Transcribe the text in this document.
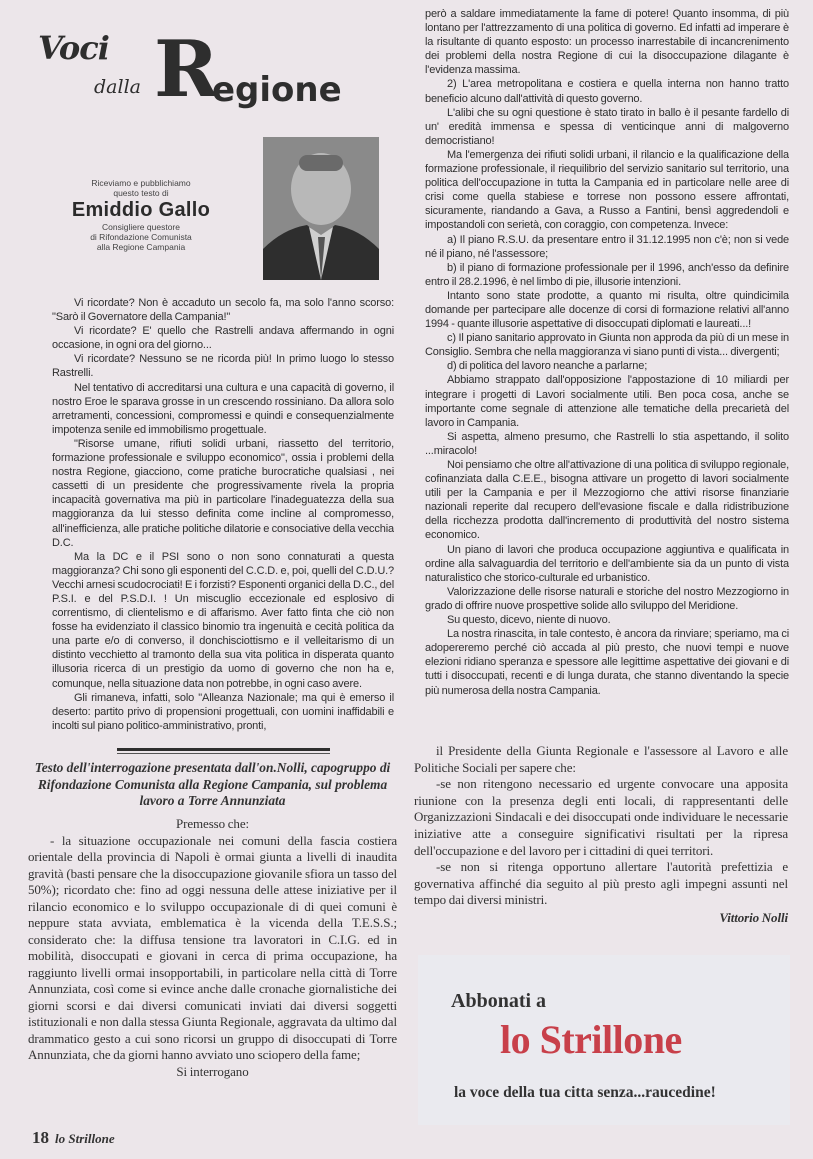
Voci
dalla R
egione
Riceviamo e pubblichiamo
questo testo di
Emiddio Gallo
Consigliere questore
di Rifondazione Comunista
alla Regione Campania

Vi ricordate? Non è accaduto un secolo fa, ma solo l'anno scorso: "Sarò il Governatore della Campania!"

Vi ricordate? E' quello che Rastrelli andava affermando in ogni occasione, in ogni ora del giorno...

Vi ricordate? Nessuno se ne ricorda più! In primo luogo lo stesso Rastrelli.

Nel tentativo di accreditarsi una cultura e una capacità di governo, il nostro Eroe le sparava grosse in un crescendo rossiniano. Da allora solo arretramenti, concessioni, compromessi e quindi e consequenzialmente impotenza senile ed immobilismo progettuale.

"Risorse umane, rifiuti solidi urbani, riassetto del territorio, formazione professionale e sviluppo economico", ossia i problemi della nostra Regione, giacciono, come pratiche burocratiche qualsiasi , nei cassetti di un presidente che progressivamente rivela la propria incapacità governativa ma più in particolare l'inadeguatezza della sua maggioranza da lui stesso definita come incline al compromesso, all'inefficienza, alle pratiche politiche dilatorie e consociative della vecchia D.C.

Ma la DC e il PSI sono o non sono connaturati a questa maggioranza? Chi sono gli esponenti del C.C.D. e, poi, quelli del C.D.U.? Vecchi arnesi scudocrociati! E i forzisti? Esponenti organici della D.C., del P.S.I. e del P.S.D.I. ! Un miscuglio eccezionale ed esplosivo di correntismo, di clientelismo e di affarismo. Aver fatto finta che ciò non fosse ha evidenziato il classico binomio tra ingenuità e cecità politica da una parte e/o di converso, il donchisciottismo e il velleitarismo di un distinto vecchietto al tramonto della sua vita politica in disperata quanto illusoria ricerca di un prestigio da uomo di governo che non ha e, comunque, nella situazione data non potrebbe, in ogni caso avere.

Gli rimaneva, infatti, solo "Alleanza Nazionale; ma qui è emerso il deserto: partito privo di propensioni progettuali, con uomini inaffidabili e incolti sul piano politico-amministrativo, pronti,

però a saldare immediatamente la fame di potere! Quanto insomma, di più lontano per l'attrezzamento di una politica di governo. Ed infatti ad imperare è la risultante di quanto esposto: un processo inarrestabile di incancrenimento dei problemi della nostra Regione di cui la disoccupazione dilagante è l'evidenza massima.

2) L'area metropolitana e costiera e quella interna non hanno tratto beneficio alcuno dall'attività di questo governo.

L'alibi che su ogni questione è stato tirato in ballo è il pesante fardello di un' eredità immensa e spessa di venticinque anni di malgoverno democristiano!

Ma l'emergenza dei rifiuti solidi urbani, il rilancio e la qualificazione della formazione professionale, il riequilibrio del servizio sanitario sul territorio, una politica dell'occupazione in tutta la Campania ed in particolare nelle aree di crisi come quella stabiese e torrese non possono essere affrontati, sicuramente, riandando a Gava, a Russo a Fantini, bensì aggredendoli e impostandoli con serietà, con coraggio, con competenza. Invece:

a) Il piano R.S.U. da presentare entro il 31.12.1995 non c'è; non si vede né il piano, né l'assessore;

b) il piano di formazione professionale per il 1996, anch'esso da definire entro il 28.2.1996, è nel limbo di pie, illusorie intenzioni.

Intanto sono state prodotte, a quanto mi risulta, oltre quindicimila domande per partecipare alle docenze di corsi di formazione relativi all'anno 1994 - quante illusorie aspettative di disoccupati diplomati e laureati...!

c) Il piano sanitario approvato in Giunta non approda da più di un mese in Consiglio. Sembra che nella maggioranza vi siano punti di vista... divergenti;

d) di politica del lavoro neanche a parlarne;

Abbiamo strappato dall'opposizione l'appostazione di 10 miliardi per integrare i progetti di Lavori socialmente utili. Ben poca cosa, anche se importante come segnale di attenzione alle tematiche della precarietà del lavoro in Campania.

Si aspetta, almeno presumo, che Rastrelli lo stia aspettando, il solito ...miracolo!

Noi pensiamo che oltre all'attivazione di una politica di sviluppo regionale, cofinanziata dalla C.E.E., bisogna attivare un progetto di lavori socialmente utili per la Campania e per il Mezzogiorno che attivi risorse finanziarie nazionali reperite dal recupero dell'evasione fiscale e dalla ridistribuzione della ricchezza prodotta dall'incremento di produttività del nostro sistema economico.

Un piano di lavori che produca occupazione aggiuntiva e qualificata in ordine alla salvaguardia del territorio e dell'ambiente sia da un punto di vista naturalistico che storico-culturale ed urbanistico.

Valorizzazione delle risorse naturali e storiche del nostro Mezzogiorno in grado di offrire nuove prospettive solide allo sviluppo del Meridione.

Su questo, dicevo, niente di nuovo.

La nostra rinascita, in tale contesto, è ancora da rinviare; speriamo, ma ci adopereremo perché ciò accada al più presto, che nuovi tempi e nuove elezioni ridiano speranza e spessore alle legittime aspettative dei giovani e di tutti i disoccupati, recenti e di lunga durata, che stanno diventando la specie più numerosa della nostra Campania.

Testo dell'interrogazione presentata dall'on.Nolli, capogruppo di Rifondazione Comunista alla Regione Campania, sul problema lavoro a Torre Annunziata

Premesso che:

- la situazione occupazionale nei comuni della fascia costiera orientale della provincia di Napoli è ormai giunta a livelli di inaudita gravità (basti pensare che la disoccupazione giovanile sfiora un tasso del 50%); ricordato che: fino ad oggi nessuna delle attese iniziative per il rilancio economico e lo sviluppo occupazionale di di quei comuni è neppure stata avviata, emblematica è la vicenda della T.E.S.S.; considerato che: la diffusa tensione tra lavoratori in C.I.G. ed in mobilità, disoccupati e giovani in cerca di prima occupazione, ha raggiunto livelli ormai insopportabili, in particolare nella città di Torre Annunziata, così come si evince anche dalle cronache giornalistiche dei giorni scorsi e dai diversi comunicati inviati dai diversi soggetti istituzionali e non dalla stessa Giunta Regionale, aggravata da ultimo dal drammatico gesto a cui sono ricorsi un gruppo di disoccupati di Torre Annunziata, che da giorni hanno avviato uno sciopero della fame;

Si interrogano

il Presidente della Giunta Regionale e l'assessore al Lavoro e alle Politiche Sociali per sapere che:

-se non ritengono necessario ed urgente convocare una apposita riunione con la presenza degli enti locali, di rappresentanti delle Organizzazioni Sindacali e dei disoccupati onde individuare le necessarie iniziative atte a conseguire significativi risultati per la ripresa dell'occupazione e del lavoro per i cittadini di quei territori.

-se non si ritenga opportuno allertare l'autorità prefettizia e governativa affinché dia seguito al più presto agli impegni assunti nel tempo dai diversi ministri.

Vittorio Nolli

Abbonati a
lo Strillone
la voce della tua citta senza...raucedine!
18 lo Strillone
